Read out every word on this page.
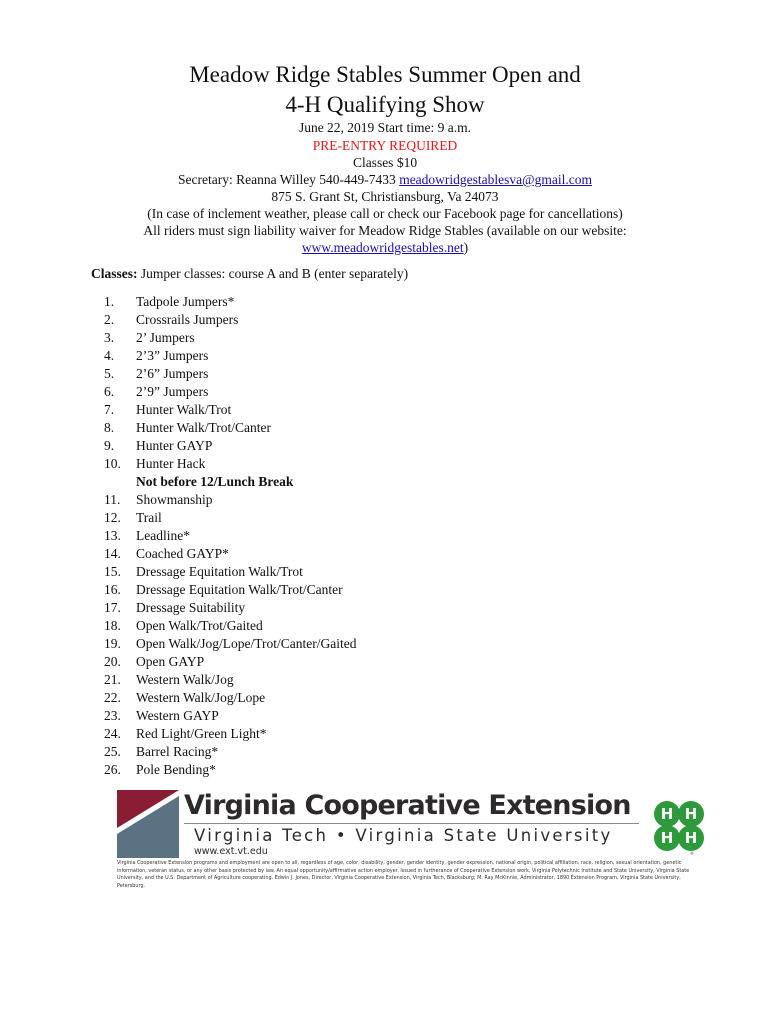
Meadow Ridge Stables Summer Open and
4-H Qualifying Show
June 22, 2019 Start time: 9 a.m.
PRE-ENTRY REQUIRED
Classes $10
Secretary: Reanna Willey 540-449-7433 meadowridgestablesva@gmail.com
875 S. Grant St, Christiansburg, Va 24073
(In case of inclement weather, please call or check our Facebook page for cancellations)
All riders must sign liability waiver for Meadow Ridge Stables (available on our website:
www.meadowridgestables.net)
Classes: Jumper classes: course A and B (enter separately)
1.	Tadpole Jumpers*
2.	Crossrails Jumpers
3.	2’ Jumpers
4.	2’3” Jumpers
5.	2’6” Jumpers
6.	2’9” Jumpers
7.	Hunter Walk/Trot
8.	Hunter Walk/Trot/Canter
9.	Hunter GAYP
10.	Hunter Hack
Not before 12/Lunch Break
11.	Showmanship
12.	Trail
13.	Leadline*
14.	Coached GAYP*
15.	Dressage Equitation Walk/Trot
16.	Dressage Equitation Walk/Trot/Canter
17.	Dressage Suitability
18.	Open Walk/Trot/Gaited
19.	Open Walk/Jog/Lope/Trot/Canter/Gaited
20.	Open GAYP
21.	Western Walk/Jog
22.	Western Walk/Jog/Lope
23.	Western GAYP
24.	Red Light/Green Light*
25.	Barrel Racing*
26.	Pole Bending*
Virginia Cooperative Extension
Virginia Tech • Virginia State University
www.ext.vt.edu
H H
H H
®
Virginia Cooperative Extension programs and employment are open to all, regardless of age, color, disability, gender, gender identity, gender expression, national origin, political affiliation, race, religion, sexual orientation, genetic information, veteran status, or any other basis protected by law. An equal opportunity/affirmative action employer. Issued in furtherance of Cooperative Extension work, Virginia Polytechnic Institute and State University, Virginia State University, and the U.S. Department of Agriculture cooperating. Edwin J. Jones, Director, Virginia Cooperative Extension, Virginia Tech, Blacksburg; M. Ray McKinnie, Administrator, 1890 Extension Program, Virginia State University, Petersburg.
